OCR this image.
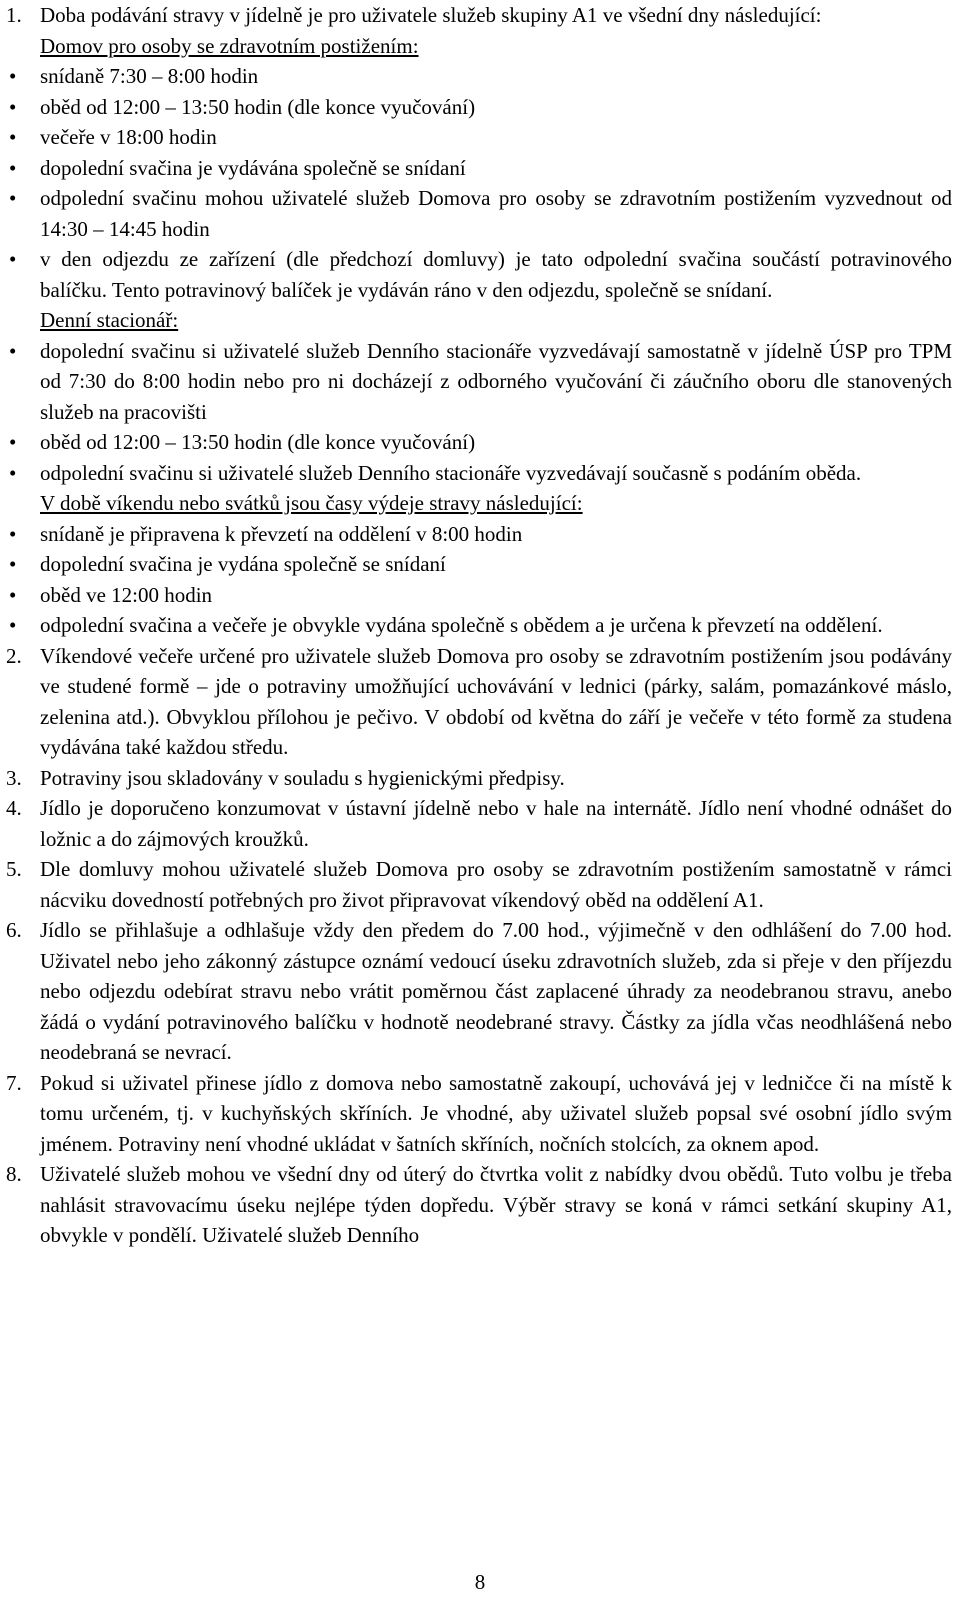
1. Doba podávání stravy v jídelně je pro uživatele služeb skupiny A1 ve všední dny následující:
Domov pro osoby se zdravotním postižením:
•	snídaně 7:30 – 8:00 hodin
•	oběd od 12:00 – 13:50 hodin (dle konce vyučování)
•	večeře v 18:00 hodin
•	dopolední svačina je vydávána společně se snídaní
•	odpolední svačinu mohou uživatelé služeb Domova pro osoby se zdravotním postižením vyzvednout od 14:30 – 14:45 hodin
•	v den odjezdu ze zařízení (dle předchozí domluvy) je tato odpolední svačina součástí potravinového balíčku. Tento potravinový balíček je vydáván ráno v den odjezdu, společně se snídaní.
Denní stacionář:
•	dopolední svačinu si uživatelé služeb Denního stacionáře vyzvedávají samostatně v jídelně ÚSP pro TPM od 7:30 do 8:00 hodin nebo pro ni docházejí z odborného vyučování či záučního oboru dle stanovených služeb na pracovišti
•	oběd od 12:00 – 13:50 hodin (dle konce vyučování)
•	odpolední svačinu si uživatelé služeb Denního stacionáře vyzvedávají současně s podáním oběda.
V době víkendu nebo svátků jsou časy výdeje stravy následující:
•	snídaně je připravena k převzetí na oddělení v 8:00 hodin
•	dopolední svačina je vydána společně se snídaní
•	oběd ve 12:00 hodin
•	odpolední svačina a večeře je obvykle vydána společně s obědem a je určena k převzetí na oddělení.
2. Víkendové večeře určené pro uživatele služeb Domova pro osoby se zdravotním postižením jsou podávány ve studené formě – jde o potraviny umožňující uchovávání v lednici (párky, salám, pomazánkové máslo, zelenina atd.). Obvyklou přílohou je pečivo. V období od května do září je večeře v této formě za studena vydávána také každou středu.
3. Potraviny jsou skladovány v souladu s hygienickými předpisy.
4. Jídlo je doporučeno konzumovat v ústavní jídelně nebo v hale na internátě. Jídlo není vhodné odnášet do ložnic a do zájmových kroužků.
5. Dle domluvy mohou uživatelé služeb Domova pro osoby se zdravotním postižením samostatně v rámci nácviku dovedností potřebných pro život připravovat víkendový oběd na oddělení A1.
6. Jídlo se přihlašuje a odhlašuje vždy den předem do 7.00 hod., výjimečně v den odhlášení do 7.00 hod. Uživatel nebo jeho zákonný zástupce oznámí vedoucí úseku zdravotních služeb, zda si přeje v den příjezdu nebo odjezdu odebírat stravu nebo vrátit poměrnou část zaplacené úhrady za neodebranou stravu, anebo žádá o vydání potravinového balíčku v hodnotě neodebrané stravy. Částky za jídla včas neodhlášená nebo neodebraná se nevrací.
7. Pokud si uživatel přinese jídlo z domova nebo samostatně zakoupí, uchovává jej v ledničce či na místě k tomu určeném, tj. v kuchyňských skříních. Je vhodné, aby uživatel služeb popsal své osobní jídlo svým jménem. Potraviny není vhodné ukládat v šatních skříních, nočních stolcích, za oknem apod.
8. Uživatelé služeb mohou ve všední dny od úterý do čtvrtka volit z nabídky dvou obědů. Tuto volbu je třeba nahlásit stravovacímu úseku nejlépe týden dopředu. Výběr stravy se koná v rámci setkání skupiny A1, obvykle v pondělí. Uživatelé služeb Denního
8
